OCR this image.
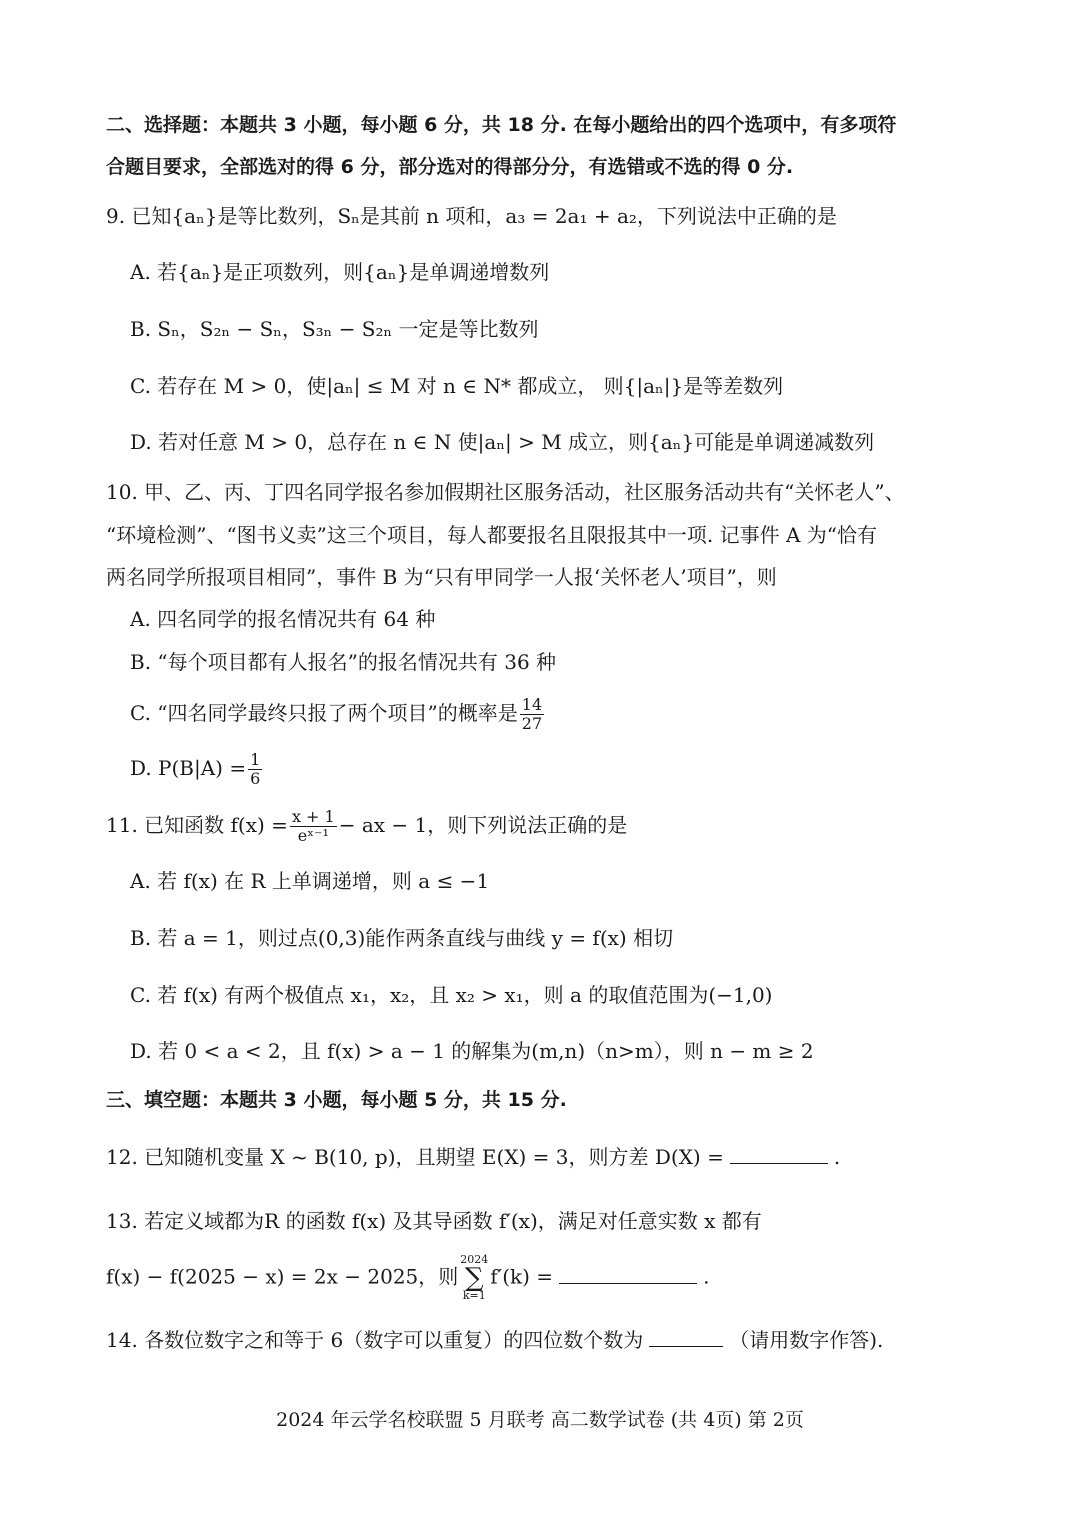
二、选择题：本题共 3 小题，每小题 6 分，共 18 分. 在每小题给出的四个选项中，有多项符
合题目要求，全部选对的得 6 分，部分选对的得部分分，有选错或不选的得 0 分.
9. 已知{aₙ}是等比数列，Sₙ是其前 n 项和，a₃ = 2a₁ + a₂，下列说法中正确的是
A. 若{aₙ}是正项数列，则{aₙ}是单调递增数列
B. Sₙ，S₂ₙ − Sₙ，S₃ₙ − S₂ₙ 一定是等比数列
C. 若存在 M > 0，使|aₙ| ≤ M 对 n ∈ N* 都成立， 则{|aₙ|}是等差数列
D. 若对任意 M > 0，总存在 n ∈ N 使|aₙ| > M 成立，则{aₙ}可能是单调递减数列
10. 甲、乙、丙、丁四名同学报名参加假期社区服务活动，社区服务活动共有“关怀老人”、
“环境检测”、“图书义卖”这三个项目，每人都要报名且限报其中一项. 记事件 A 为“恰有
两名同学所报项目相同”，事件 B 为“只有甲同学一人报‘关怀老人’项目”，则
A. 四名同学的报名情况共有 64 种
B. “每个项目都有人报名”的报名情况共有 36 种
C. “四名同学最终只报了两个项目”的概率是 $\frac{14}{27}$
D. $P(B|A) = \frac{1}{6}$
11. 已知函数 $f(x) = \frac{x + 1}{\text{eˣ⁻¹}}$ − ax − 1，则下列说法正确的是
A. 若 f(x) 在 R 上单调递增，则 a ≤ −1
B. 若 a = 1，则过点(0,3)能作两条直线与曲线 y = f(x) 相切
C. 若 f(x) 有两个极值点 x₁，x₂，且 x₂ > x₁，则 a 的取值范围为(−1,0)
D. 若 0 < a < 2，且 f(x) > a − 1 的解集为(m,n)（n>m），则 n − m ≥ 2
三、填空题：本题共 3 小题，每小题 5 分，共 15 分.
12. 已知随机变量 X ~ B(10, p)，且期望 E(X) = 3，则方差 D(X) =	.
13. 若定义域都为R 的函数 f(x) 及其导函数 f′(x)，满足对任意实数 x 都有
f(x) − f(2025 − x) = 2x − 2025，则2024
∑
k=1f′(k) =	.
14. 各数位数字之和等于 6（数字可以重复）的四位数个数为	（请用数字作答).
2024 年云学名校联盟 5 月联考 高二数学试卷 (共 4页) 第 2页
